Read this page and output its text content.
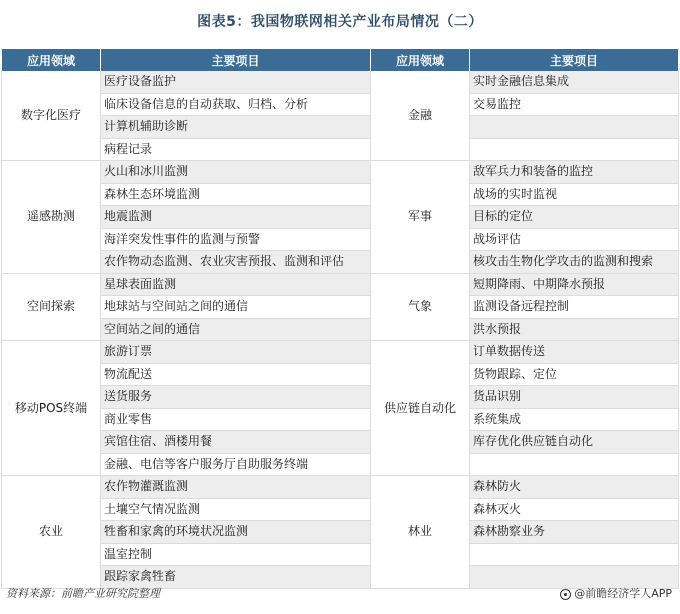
图表5：我国物联网相关产业布局情况（二）
应用领域	主要项目	应用领域	主要项目
数字化医疗	医疗设备监护	金融	实时金融信息集成
	临床设备信息的自动获取、归档、分析		交易监控
	计算机辅助诊断		
	病程记录		
遥感勘测	火山和冰川监测	军事	敌军兵力和装备的监控
	森林生态环境监测		战场的实时监视
	地震监测		目标的定位
	海洋突发性事件的监测与预警		战场评估
	农作物动态监测、农业灾害预报、监测和评估		核攻击生物化学攻击的监测和搜索
空间探索	星球表面监测	气象	短期降雨、中期降水预报
	地球站与空间站之间的通信		监测设备远程控制
	空间站之间的通信		洪水预报
移动POS终端	旅游订票	供应链自动化	订单数据传送
	物流配送		货物跟踪、定位
	送货服务		货品识别
	商业零售		系统集成
	宾馆住宿、酒楼用餐		库存优化供应链自动化
	金融、电信等客户服务厅自助服务终端		
农业	农作物灌溉监测	林业	森林防火
	土壤空气情况监测		森林灭火
	牲畜和家禽的环境状况监测		森林勘察业务
	温室控制		
	跟踪家禽牲畜		
资料来源：前瞻产业研究院整理	@前瞻经济学人APP
